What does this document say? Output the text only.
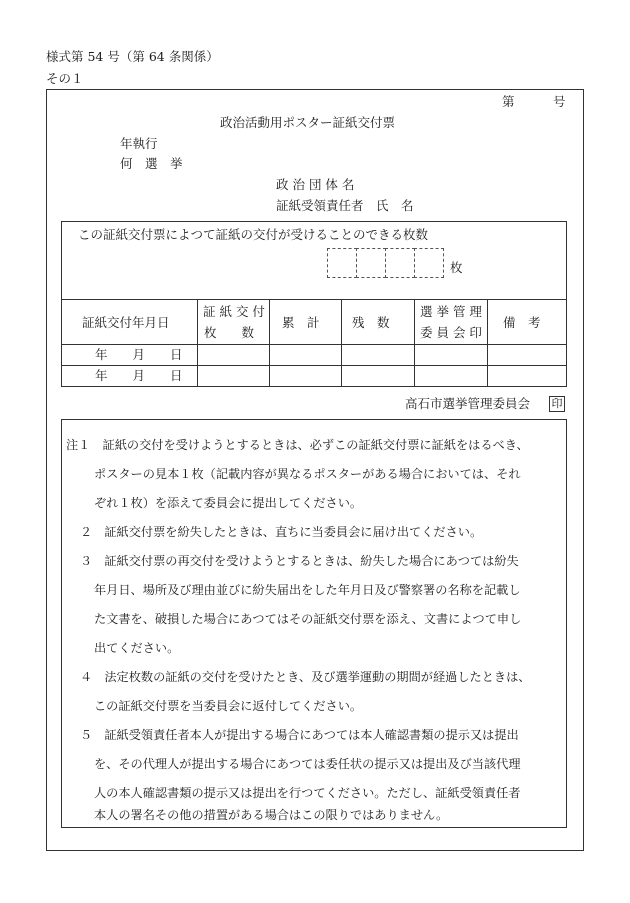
様式第 54 号（第 64 条関係）
その１
第	号
政治活動用ポスター証紙交付票
年執行
何　選　挙
政 治 団 体 名
証紙受領責任者　氏　名
この証紙交付票によつて証紙の交付が受けることのできる枚数
枚
証紙交付年月日
証 紙 交 付
枚　　数
累　計	残　数
選 挙 管 理
委 員 会 印
備　考
年　　月　　日
年　　月　　日
高石市選挙管理委員会 印
注１　証紙の交付を受けようとするときは、必ずこの証紙交付票に証紙をはるべき、
ポスターの見本１枚（記載内容が異なるポスターがある場合においては、それ
ぞれ１枚）を添えて委員会に提出してください。
２　証紙交付票を紛失したときは、直ちに当委員会に届け出てください。
３　証紙交付票の再交付を受けようとするときは、紛失した場合にあつては紛失
年月日、場所及び理由並びに紛失届出をした年月日及び警察署の名称を記載し
た文書を、破損した場合にあつてはその証紙交付票を添え、文書によつて申し
出てください。
４　法定枚数の証紙の交付を受けたとき、及び選挙運動の期間が経過したときは、
この証紙交付票を当委員会に返付してください。
５　証紙受領責任者本人が提出する場合にあつては本人確認書類の提示又は提出
を、その代理人が提出する場合にあつては委任状の提示又は提出及び当該代理
人の本人確認書類の提示又は提出を行つてください。ただし、証紙受領責任者
本人の署名その他の措置がある場合はこの限りではありません。
